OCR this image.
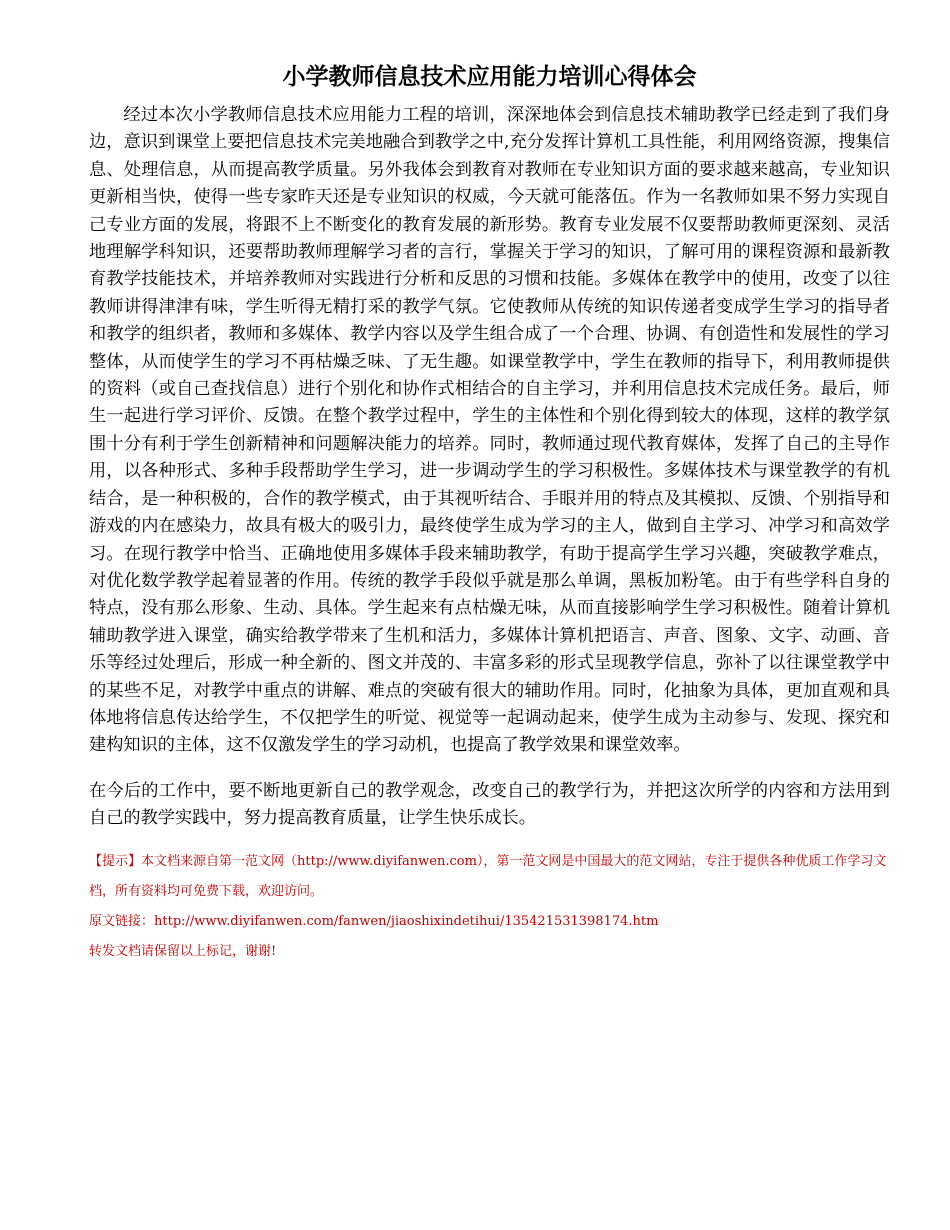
小学教师信息技术应用能力培训心得体会

经过本次小学教师信息技术应用能力工程的培训，深深地体会到信息技术辅助教学已经走到了我们身边，意识到课堂上要把信息技术完美地融合到教学之中,充分发挥计算机工具性能，利用网络资源，搜集信息、处理信息，从而提高教学质量。另外我体会到教育对教师在专业知识方面的要求越来越高，专业知识更新相当快，使得一些专家昨天还是专业知识的权威，今天就可能落伍。作为一名教师如果不努力实现自己专业方面的发展，将跟不上不断变化的教育发展的新形势。教育专业发展不仅要帮助教师更深刻、灵活地理解学科知识，还要帮助教师理解学习者的言行，掌握关于学习的知识，了解可用的课程资源和最新教育教学技能技术，并培养教师对实践进行分析和反思的习惯和技能。多媒体在教学中的使用，改变了以往教师讲得津津有味，学生听得无精打采的教学气氛。它使教师从传统的知识传递者变成学生学习的指导者和教学的组织者，教师和多媒体、教学内容以及学生组合成了一个合理、协调、有创造性和发展性的学习整体，从而使学生的学习不再枯燥乏味、了无生趣。如课堂教学中，学生在教师的指导下，利用教师提供的资料（或自己查找信息）进行个别化和协作式相结合的自主学习，并利用信息技术完成任务。最后，师生一起进行学习评价、反馈。在整个教学过程中，学生的主体性和个别化得到较大的体现，这样的教学氛围十分有利于学生创新精神和问题解决能力的培养。同时，教师通过现代教育媒体，发挥了自己的主导作用，以各种形式、多种手段帮助学生学习，进一步调动学生的学习积极性。多媒体技术与课堂教学的有机结合，是一种积极的，合作的教学模式，由于其视听结合、手眼并用的特点及其模拟、反馈、个别指导和游戏的内在感染力，故具有极大的吸引力，最终使学生成为学习的主人，做到自主学习、冲学习和高效学习。在现行教学中恰当、正确地使用多媒体手段来辅助教学，有助于提高学生学习兴趣，突破教学难点，对优化数学教学起着显著的作用。传统的教学手段似乎就是那么单调，黑板加粉笔。由于有些学科自身的特点，没有那么形象、生动、具体。学生起来有点枯燥无味，从而直接影响学生学习积极性。随着计算机辅助教学进入课堂，确实给教学带来了生机和活力，多媒体计算机把语言、声音、图象、文字、动画、音乐等经过处理后，形成一种全新的、图文并茂的、丰富多彩的形式呈现教学信息，弥补了以往课堂教学中的某些不足，对教学中重点的讲解、难点的突破有很大的辅助作用。同时，化抽象为具体，更加直观和具体地将信息传达给学生，不仅把学生的听觉、视觉等一起调动起来，使学生成为主动参与、发现、探究和建构知识的主体，这不仅激发学生的学习动机，也提高了教学效果和课堂效率。

在今后的工作中，要不断地更新自己的教学观念，改变自己的教学行为，并把这次所学的内容和方法用到自己的教学实践中，努力提高教育质量，让学生快乐成长。

【提示】本文档来源自第一范文网（http://www.diyifanwen.com），第一范文网是中国最大的范文网站，专注于提供各种优质工作学习文档，所有资料均可免费下载，欢迎访问。

原文链接：http://www.diyifanwen.com/fanwen/jiaoshixindetihui/135421531398174.htm

转发文档请保留以上标记，谢谢!
